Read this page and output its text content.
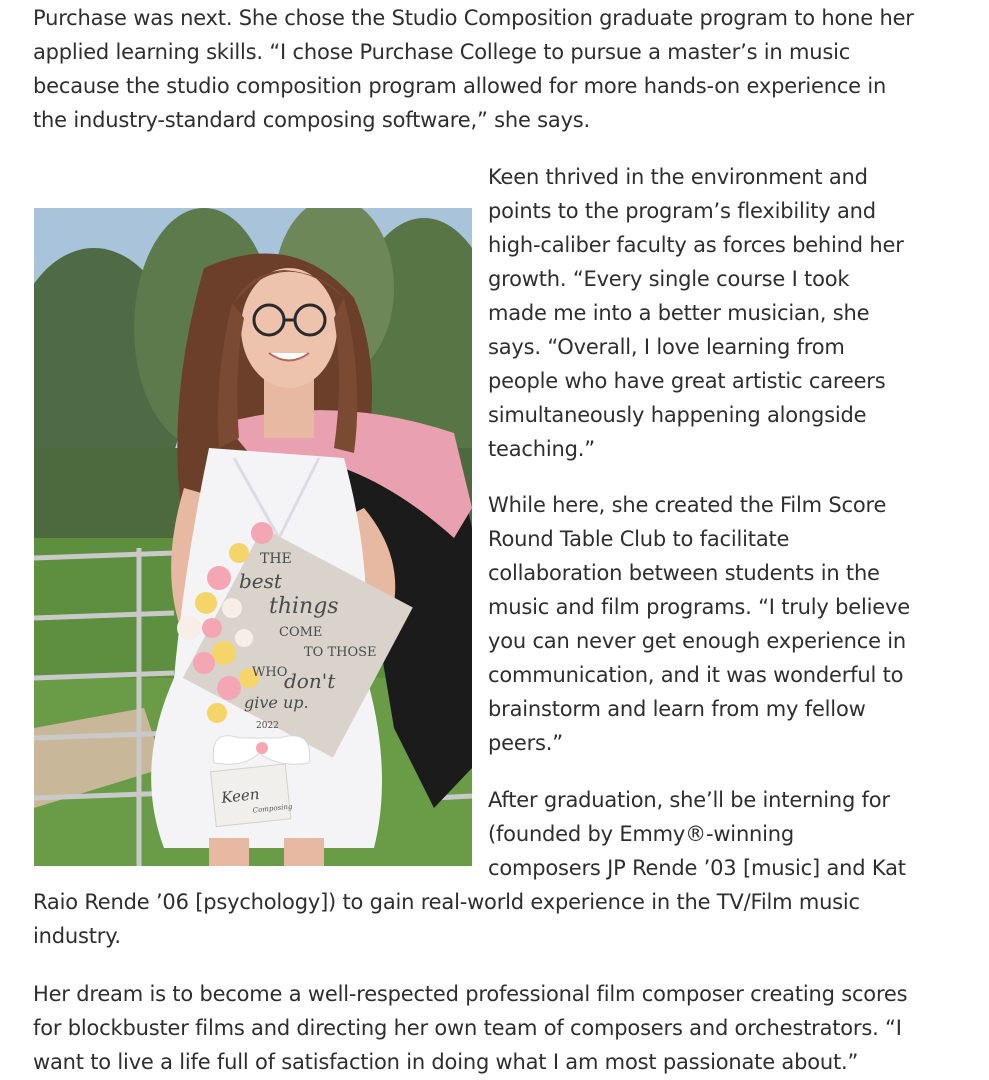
Purchase was next. She chose the Studio Composition graduate program to hone her
applied learning skills. “I chose Purchase College to pursue a master’s in music
because the studio composition program allowed for more hands-on experience in
the industry-standard composing software,” she says.

THE
best
things
COME
TO THOSE
WHO
don't
give up.
2022
Keen
Composing

Keen thrived in the environment and
points to the program’s flexibility and
high-caliber faculty as forces behind her
growth. “Every single course I took
made me into a better musician, she
says. “Overall, I love learning from
people who have great artistic careers
simultaneously happening alongside
teaching.”

While here, she created the Film Score
Round Table Club to facilitate
collaboration between students in the
music and film programs. “I truly believe
you can never get enough experience in
communication, and it was wonderful to
brainstorm and learn from my fellow
peers.”

After graduation, she’ll be interning for
(founded by Emmy®-winning
composers JP Rende ’03 [music] and Kat

Raio Rende ’06 [psychology]) to gain real-world experience in the TV/Film music
industry.

Her dream is to become a well-respected professional film composer creating scores
for blockbuster films and directing her own team of composers and orchestrators. “I
want to live a life full of satisfaction in doing what I am most passionate about.”
